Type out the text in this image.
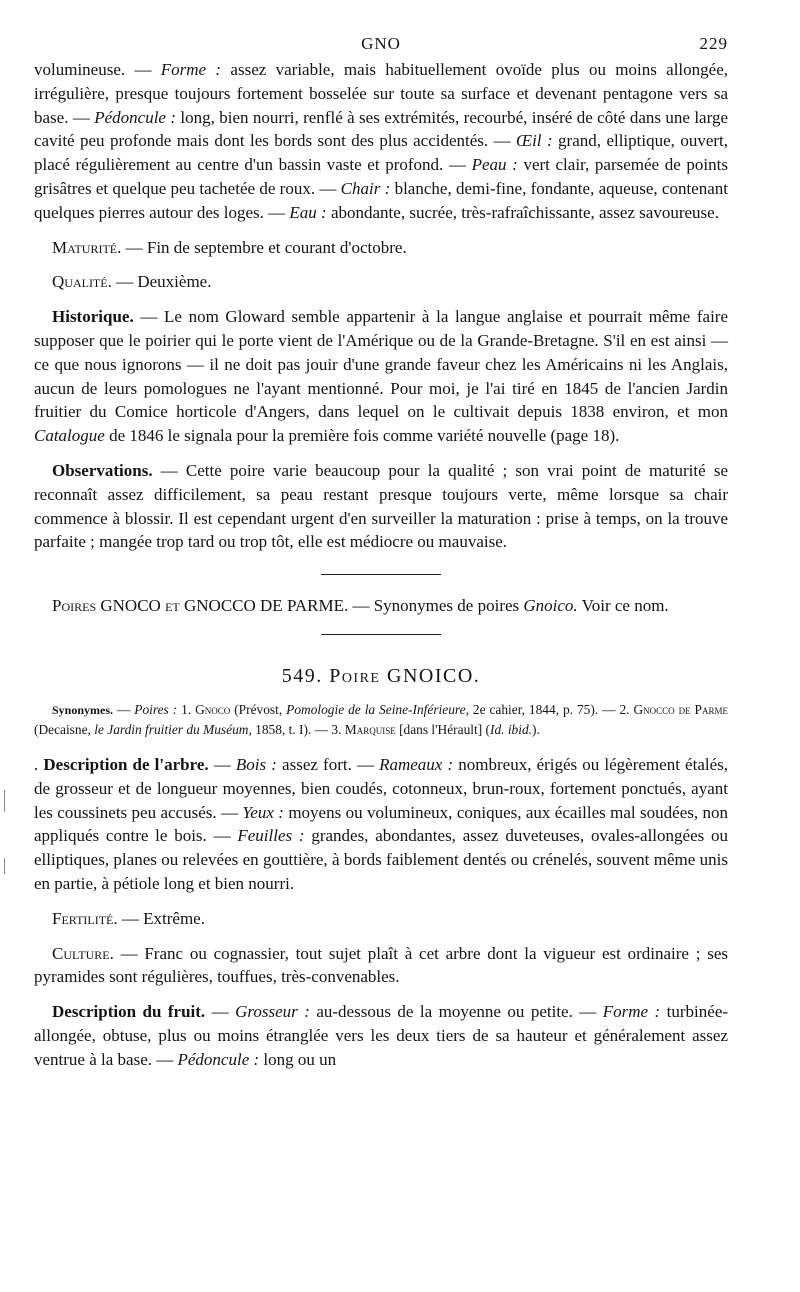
GNO	229

volumineuse. — Forme : assez variable, mais habituellement ovoïde plus ou moins allongée, irrégulière, presque toujours fortement bosselée sur toute sa surface et devenant pentagone vers sa base. — Pédoncule : long, bien nourri, renflé à ses extrémités, recourbé, inséré de côté dans une large cavité peu profonde mais dont les bords sont des plus accidentés. — Œil : grand, elliptique, ouvert, placé régulièrement au centre d'un bassin vaste et profond. — Peau : vert clair, parsemée de points grisâtres et quelque peu tachetée de roux. — Chair : blanche, demi-fine, fondante, aqueuse, contenant quelques pierres autour des loges. — Eau : abondante, sucrée, très-rafraîchissante, assez savoureuse.

Maturité. — Fin de septembre et courant d'octobre.

Qualité. — Deuxième.

Historique. — Le nom Gloward semble appartenir à la langue anglaise et pourrait même faire supposer que le poirier qui le porte vient de l'Amérique ou de la Grande-Bretagne. S'il en est ainsi — ce que nous ignorons — il ne doit pas jouir d'une grande faveur chez les Américains ni les Anglais, aucun de leurs pomologues ne l'ayant mentionné. Pour moi, je l'ai tiré en 1845 de l'ancien Jardin fruitier du Comice horticole d'Angers, dans lequel on le cultivait depuis 1838 environ, et mon Catalogue de 1846 le signala pour la première fois comme variété nouvelle (page 18).

Observations. — Cette poire varie beaucoup pour la qualité ; son vrai point de maturité se reconnaît assez difficilement, sa peau restant presque toujours verte, même lorsque sa chair commence à blossir. Il est cependant urgent d'en surveiller la maturation : prise à temps, on la trouve parfaite ; mangée trop tard ou trop tôt, elle est médiocre ou mauvaise.

Poires GNOCO et GNOCCO DE PARME. — Synonymes de poires Gnoico. Voir ce nom.

549. Poire GNOICO.

Synonymes. — Poires : 1. Gnoco (Prévost, Pomologie de la Seine-Inférieure, 2e cahier, 1844, p. 75). — 2. Gnocco de Parme (Decaisne, le Jardin fruitier du Muséum, 1858, t. I). — 3. Marquise [dans l'Hérault] (Id. ibid.).

. Description de l'arbre. — Bois : assez fort. — Rameaux : nombreux, érigés ou légèrement étalés, de grosseur et de longueur moyennes, bien coudés, cotonneux, brun-roux, fortement ponctués, ayant les coussinets peu accusés. — Yeux : moyens ou volumineux, coniques, aux écailles mal soudées, non appliqués contre le bois. — Feuilles : grandes, abondantes, assez duveteuses, ovales-allongées ou elliptiques, planes ou relevées en gouttière, à bords faiblement dentés ou crénelés, souvent même unis en partie, à pétiole long et bien nourri.

Fertilité. — Extrême.

Culture. — Franc ou cognassier, tout sujet plaît à cet arbre dont la vigueur est ordinaire ; ses pyramides sont régulières, touffues, très-convenables.

Description du fruit. — Grosseur : au-dessous de la moyenne ou petite. — Forme : turbinée-allongée, obtuse, plus ou moins étranglée vers les deux tiers de sa hauteur et généralement assez ventrue à la base. — Pédoncule : long ou un
